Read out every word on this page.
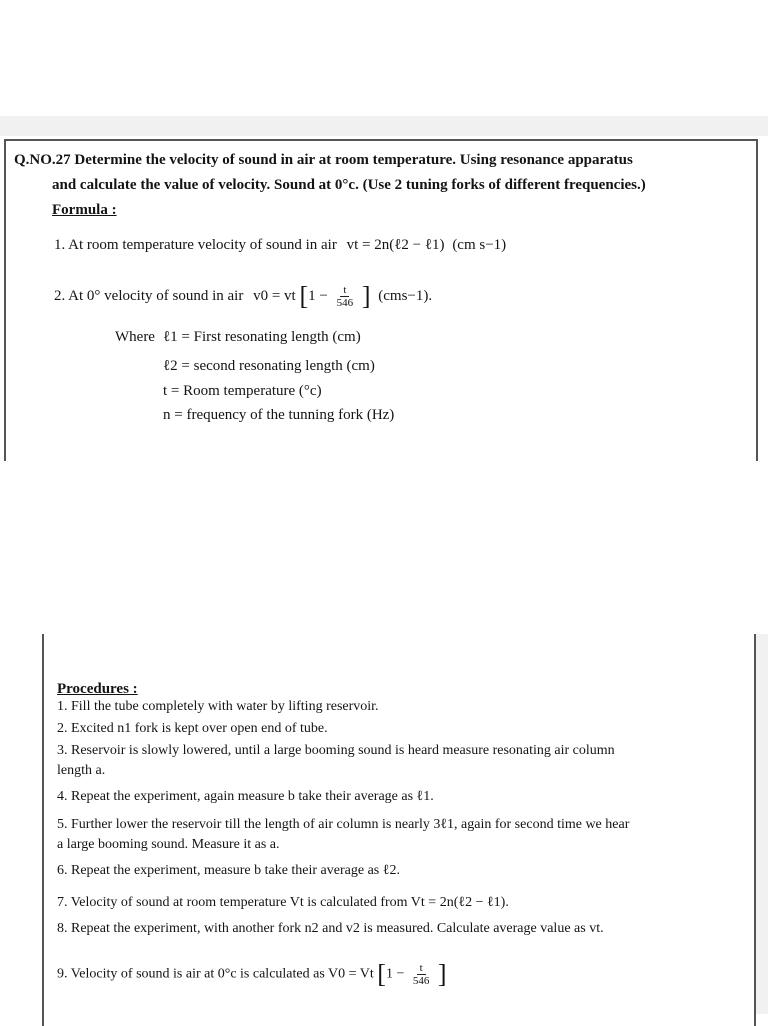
Q.NO.27 Determine the velocity of sound in air at room temperature. Using resonance apparatus
and calculate the value of velocity. Sound at 0°c. (Use 2 tuning forks of different frequencies.)
Formula :
1. At room temperature velocity of sound in air vt = 2n(ℓ2 − ℓ1) (cm s−1)
2. At 0° velocity of sound in air v0 = vt [$1 - \frac{t}{546}$ ] (cms−1).
Where ℓ1 = First resonating length (cm)
ℓ2 = second resonating length (cm)
t = Room temperature (°c)
n = frequency of the tunning fork (Hz)
Procedures :
1. Fill the tube completely with water by lifting reservoir.
2. Excited n1 fork is kept over open end of tube.
3. Reservoir is slowly lowered, until a large booming sound is heard measure resonating air column
length a.
4. Repeat the experiment, again measure b take their average as ℓ1.
5. Further lower the reservoir till the length of air column is nearly 3ℓ1, again for second time we hear
a large booming sound. Measure it as a.
6. Repeat the experiment, measure b take their average as ℓ2.
7. Velocity of sound at room temperature Vt is calculated from Vt = 2n(ℓ2 − ℓ1).
8. Repeat the experiment, with another fork n2 and v2 is measured. Calculate average value as vt.
9. Velocity of sound is air at 0°c is calculated as V0 = Vt [$1 - \frac{t}{546}$ ]
